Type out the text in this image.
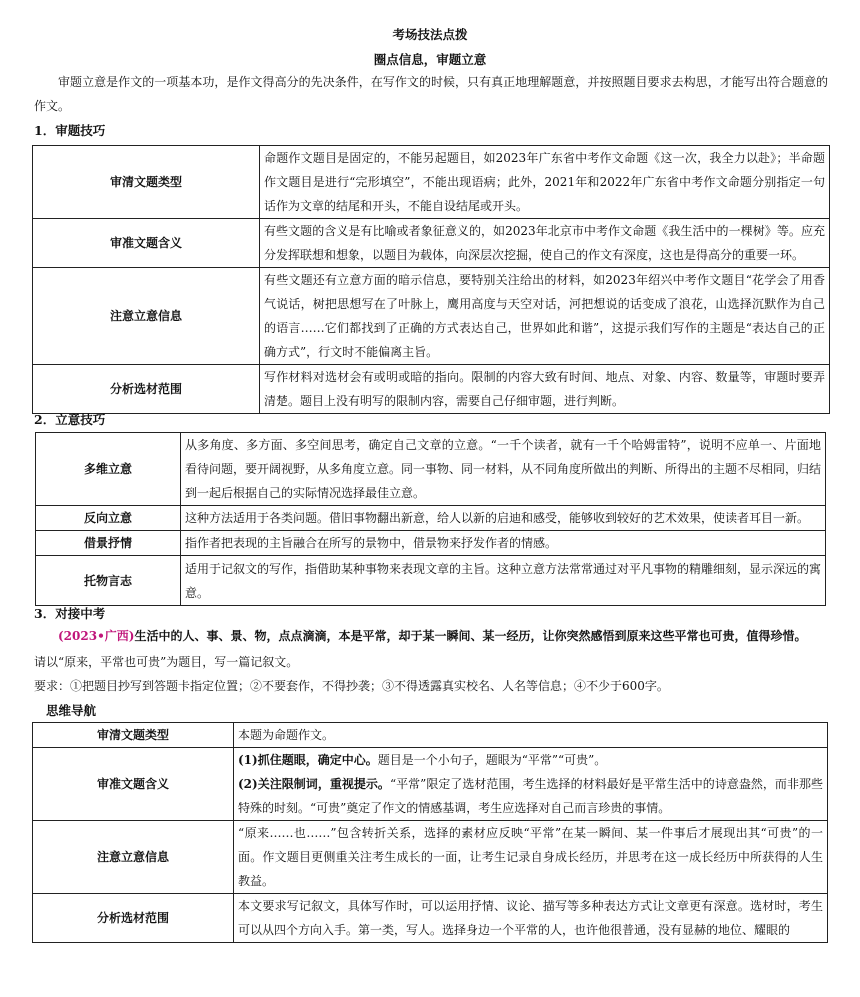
考场技法点拨
圈点信息，审题立意
审题立意是作文的一项基本功，是作文得高分的先决条件，在写作文的时候，只有真正地理解题意，并按照题目要求去构思，才能写出符合题意的作文。
1．审题技巧
审清文题类型	命题作文题目是固定的，不能另起题目，如2023年广东省中考作文命题《这一次，我全力以赴》；半命题作文题目是进行“完形填空”，不能出现语病；此外，2021年和2022年广东省中考作文命题分别指定一句话作为文章的结尾和开头，不能自设结尾或开头。
审准文题含义	有些文题的含义是有比喻或者象征意义的，如2023年北京市中考作文命题《我生活中的一棵树》等。应充分发挥联想和想象，以题目为载体，向深层次挖掘，使自己的作文有深度，这也是得高分的重要一环。
注意立意信息	有些文题还有立意方面的暗示信息，要特别关注给出的材料，如2023年绍兴中考作文题目“花学会了用香气说话，树把思想写在了叶脉上，鹰用高度与天空对话，河把想说的话变成了浪花，山选择沉默作为自己的语言……它们都找到了正确的方式表达自己，世界如此和谐”，这提示我们写作的主题是“表达自己的正确方式”，行文时不能偏离主旨。
分析选材范围	写作材料对选材会有或明或暗的指向。限制的内容大致有时间、地点、对象、内容、数量等，审题时要弄清楚。题目上没有明写的限制内容，需要自己仔细审题，进行判断。
2．立意技巧
多维立意	从多角度、多方面、多空间思考，确定自己文章的立意。“一千个读者，就有一千个哈姆雷特”，说明不应单一、片面地看待问题，要开阔视野，从多角度立意。同一事物、同一材料，从不同角度所做出的判断、所得出的主题不尽相同，归结到一起后根据自己的实际情况选择最佳立意。
反向立意	这种方法适用于各类问题。借旧事物翻出新意，给人以新的启迪和感受，能够收到较好的艺术效果，使读者耳目一新。
借景抒情	指作者把表现的主旨融合在所写的景物中，借景物来抒发作者的情感。
托物言志	适用于记叙文的写作，指借助某种事物来表现文章的主旨。这种立意方法常常通过对平凡事物的精雕细刻，显示深远的寓意。
3．对接中考
(2023•广西)生活中的人、事、景、物，点点滴滴，本是平常，却于某一瞬间、某一经历，让你突然感悟到原来这些平常也可贵，值得珍惜。
请以“原来，平常也可贵”为题目，写一篇记叙文。
要求：①把题目抄写到答题卡指定位置；②不要套作，不得抄袭；③不得透露真实校名、人名等信息；④不少于600字。
思维导航
审清文题类型	本题为命题作文。
审准文题含义	(1)抓住题眼，确定中心。题目是一个小句子，题眼为“平常”“可贵”。
(2)关注限制词，重视提示。“平常”限定了选材范围，考生选择的材料最好是平常生活中的诗意盎然，而非那些特殊的时刻。“可贵”奠定了作文的情感基调，考生应选择对自己而言珍贵的事情。

注意立意信息	“原来……也……”包含转折关系，选择的素材应反映“平常”在某一瞬间、某一件事后才展现出其“可贵”的一面。作文题目更侧重关注考生成长的一面，让考生记录自身成长经历，并思考在这一成长经历中所获得的人生教益。
分析选材范围	本文要求写记叙文，具体写作时，可以运用抒情、议论、描写等多种表达方式让文章更有深意。选材时，考生可以从四个方向入手。第一类，写人。选择身边一个平常的人，也许他很普通，没有显赫的地位、耀眼的
